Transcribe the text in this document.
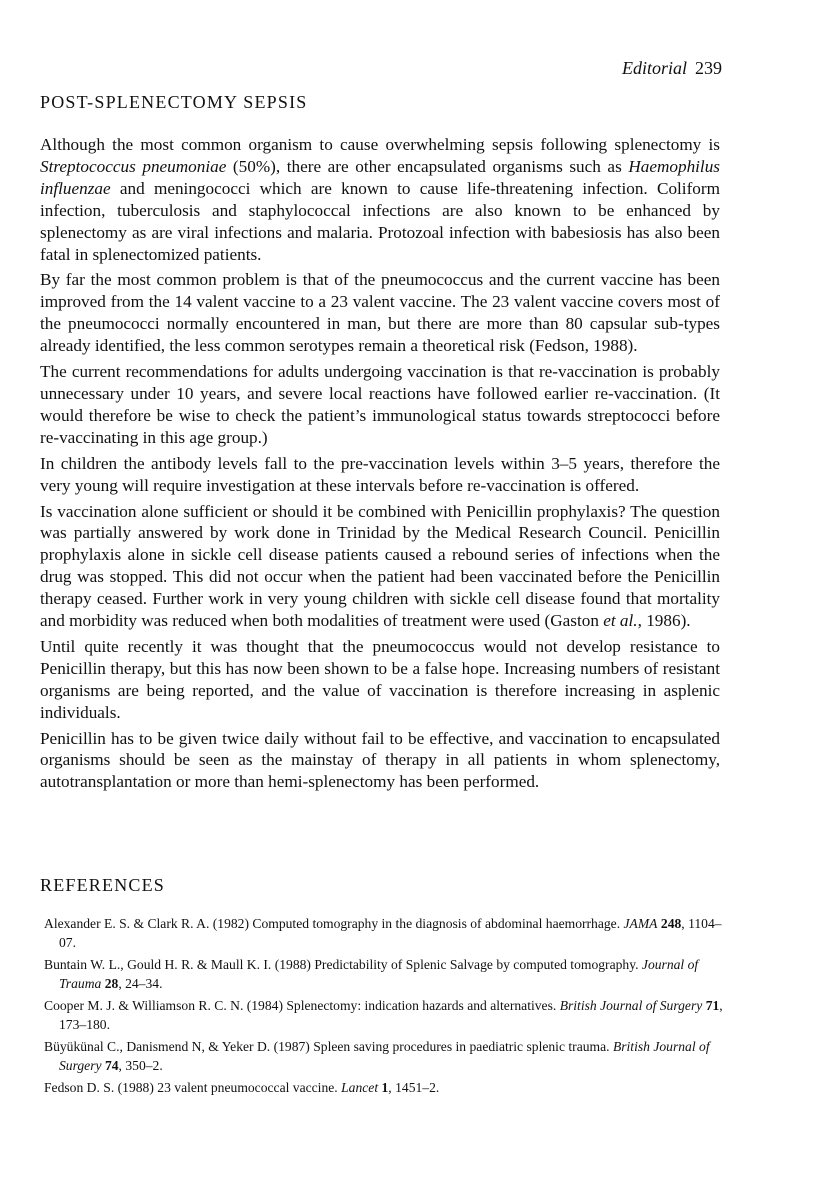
Editorial 239
POST-SPLENECTOMY SEPSIS

Although the most common organism to cause overwhelming sepsis following splenectomy is Streptococcus pneumoniae (50%), there are other encapsulated organisms such as Haemophilus influenzae and meningococci which are known to cause life-threatening infection. Coliform infection, tuberculosis and staphylococcal infections are also known to be enhanced by splenectomy as are viral infections and malaria. Protozoal infection with babesiosis has also been fatal in splenectomized patients.

By far the most common problem is that of the pneumococcus and the current vaccine has been improved from the 14 valent vaccine to a 23 valent vaccine. The 23 valent vaccine covers most of the pneumococci normally encountered in man, but there are more than 80 capsular sub-types already identified, the less common serotypes remain a theoretical risk (Fedson, 1988).

The current recommendations for adults undergoing vaccination is that re-vaccination is probably unnecessary under 10 years, and severe local reactions have followed earlier re-vaccination. (It would therefore be wise to check the patient’s immunological status towards streptococci before re-vaccinating in this age group.)

In children the antibody levels fall to the pre-vaccination levels within 3–5 years, therefore the very young will require investigation at these intervals before re-vaccination is offered.

Is vaccination alone sufficient or should it be combined with Penicillin prophylaxis? The question was partially answered by work done in Trinidad by the Medical Research Council. Penicillin prophylaxis alone in sickle cell disease patients caused a rebound series of infections when the drug was stopped. This did not occur when the patient had been vaccinated before the Penicillin therapy ceased. Further work in very young children with sickle cell disease found that mortality and morbidity was reduced when both modalities of treatment were used (Gaston et al., 1986).

Until quite recently it was thought that the pneumococcus would not develop resistance to Penicillin therapy, but this has now been shown to be a false hope. Increasing numbers of resistant organisms are being reported, and the value of vaccination is therefore increasing in asplenic individuals.

Penicillin has to be given twice daily without fail to be effective, and vaccination to encapsulated organisms should be seen as the mainstay of therapy in all patients in whom splenectomy, autotransplantation or more than hemi-splenectomy has been performed.

REFERENCES
Alexander E. S. & Clark R. A. (1982) Computed tomography in the diagnosis of abdominal haemorrhage. JAMA 248, 1104–07.
Buntain W. L., Gould H. R. & Maull K. I. (1988) Predictability of Splenic Salvage by computed tomography. Journal of Trauma 28, 24–34.
Cooper M. J. & Williamson R. C. N. (1984) Splenectomy: indication hazards and alternatives. British Journal of Surgery 71, 173–180.
Büyükünal C., Danismend N, & Yeker D. (1987) Spleen saving procedures in paediatric splenic trauma. British Journal of Surgery 74, 350–2.
Fedson D. S. (1988) 23 valent pneumococcal vaccine. Lancet 1, 1451–2.
